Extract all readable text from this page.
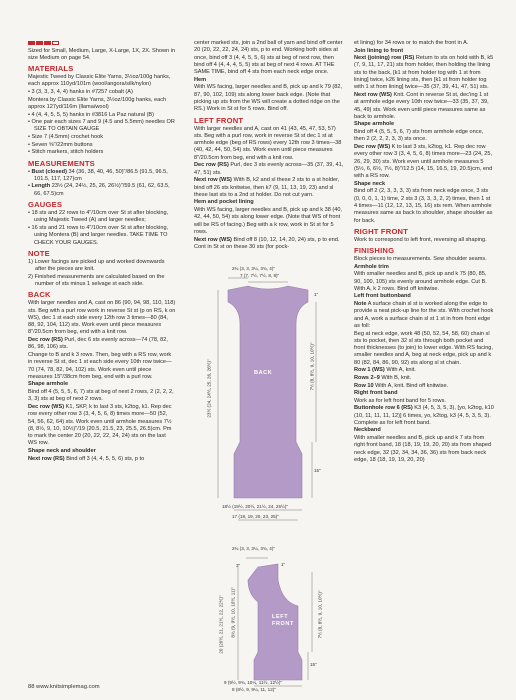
Sized for Small, Medium, Large, X-Large, 1X, 2X. Shown in size Medium on page 54.

MATERIALS

Majestic Tweed by Classic Elite Yarns, 3½oz/100g hanks, each approx 110yd/101m (wool/angora/silk/nylon)

• 3 (3, 3, 3, 4, 4) hanks in #7257 cobalt (A)

Montera by Classic Elite Yarns, 3½oz/100g hanks, each approx 127yd/116m (llama/wool)

• 4 (4, 4, 5, 5, 5) hanks in #3816 La Paz natural (B)

• One pair each sizes 7 and 9 (4.5 and 5.5mm) needles OR SIZE TO OBTAIN GAUGE

• Size 7 (4.5mm) crochet hook

• Seven ⅝"/22mm buttons

• Stitch markers, stitch holders

MEASUREMENTS

• Bust (closed) 34 (36, 38, 40, 46, 50)"/86.5 (91.5, 96.5, 101.5, 117, 127)cm

• Length 23½ (24, 24½, 25, 26, 26½)"/59.5 (61, 62, 63.5, 66, 67.5)cm

GAUGES

• 18 sts and 22 rows to 4"/10cm over St st after blocking, using Majestic Tweed (A) and larger needles;

• 16 sts and 21 rows to 4"/10cm over St st after blocking, using Montera (B) and larger needles. TAKE TIME TO CHECK YOUR GAUGES.

NOTE

1) Lower facings are picked up and worked downwards after the pieces are knit.

2) Finished measurements are calculated based on the number of sts minus 1 selvage st each side.

BACK

With larger needles and A, cast on 86 (90, 94, 98, 110, 118) sts. Beg with a purl row work in reverse St st (p on RS, k on WS), dec 1 st each side every 12th row 3 times—80 (84, 88, 92, 104, 112) sts. Work even until piece measures 8"/20.5cm from beg, end with a knit row.

Dec row (RS) Purl, dec 6 sts evenly across—74 (78, 82, 86, 98, 106) sts.

Change to B and k 3 rows. Then, beg with a RS row, work in reverse St st, dec 1 st each side every 10th row twice—70 (74, 78, 82, 94, 102) sts. Work even until piece measures 15"/38cm from beg, end with a purl row.

Shape armhole

Bind off 4 (5, 5, 5, 6, 7) sts at beg of next 2 rows, 2 (2, 2, 2, 3, 3) sts at beg of next 2 rows.

Dec row (WS) K1, SKP, k to last 3 sts, k2tog, k1. Rep dec row every other row 3 (3, 4, 5, 6, 8) times more—50 (52, 54, 56, 62, 64) sts. Work even until armhole measures 7½ (8, 8½, 9, 10, 10½)"/19 (20.5, 21.5, 23, 25.5, 26.5)cm. Pm to mark the center 20 (20, 22, 22, 24, 24) sts on the last WS row.

Shape neck and shoulder

Next row (RS) Bind off 3 (4, 4, 5, 5, 6) sts, p to

center marked sts, join a 2nd ball of yarn and bind off center 20 (20, 22, 22, 24, 24) sts, p to end. Working both sides at once, bind off 3 (4, 4, 5, 5, 6) sts at beg of next row, then bind off 4 (4, 4, 4, 5, 5) sts at beg of next 4 rows. AT THE SAME TIME, bind off 4 sts from each neck edge once.

Hem

With WS facing, larger needles and B, pick up and k 79 (82, 87, 90, 102, 109) sts along lower back edge. (Note that picking up sts from the WS will create a dotted ridge on the RS.) Work in St st for 5 rows. Bind off.

LEFT FRONT

With larger needles and A, cast on 41 (43, 45, 47, 53, 57) sts. Beg with a purl row, work in reverse St st dec 1 st at armhole edge (beg of RS rows) every 12th row 3 times—38 (40, 42, 44, 50, 54) sts. Work even until piece measures 8"/20.5cm from beg, end with a knit row.

Dec row (RS) Purl, dec 3 sts evenly across—35 (37, 39, 41, 47, 51) sts.

Next row (WS) With B, k2 and sl these 2 sts to a st holder, bind off 26 sts knitwise, then k7 (9, 11, 13, 19, 23) and sl these last sts to a 2nd st holder. Do not cut yarn.

Hem and pocket lining

With WS facing, larger needles and B, pick up and k 38 (40, 42, 44, 50, 54) sts along lower edge. (Note that WS of front will be RS of facing.) Beg with a k row, work in St st for 5 rows.

Next row (WS) Bind off 8 (10, 12, 14, 20, 24) sts, p to end. Cont in St st on these 30 sts (for pock-

BACK
2¾ (3, 3, 3¼, 3¾, 4)"
7 (7, 7½, 7½, 8, 8)"
1"
7½ (8, 8½, 9, 10, 10½)"
23½ (24, 24½, 25, 26, 26½)"
15"
18½ (19½, 20½, 21½, 24, 25½)"
17 (18, 19, 20, 23, 25)"
LEFT FRONT
2¾ (3, 3, 3¼, 3¾, 4)"
3"	1"
7½ (8, 8½, 9, 10, 10½)"
20 (20½, 21, 21½, 22, 22½)" 8¾ (9, 9½, 10, 10½, 11)"
15"
9 (9½, 9¾, 10¼, 11½, 12½)"
8 (8½, 9, 9¼, 11, 12)"

et lining) for 34 rows or to match the front in A.

Join lining to front

Next (joining) row (RS) Return to sts on hold with B, k5 (7, 9, 11, 17, 21) sts from holder, then holding the lining sts to the back, [k1 st from holder tog with 1 st from lining] twice, k26 lining sts, then [k1 st from holder tog with 1 st from lining] twice—35 (37, 39, 41, 47, 51) sts.

Next row (WS) Knit. Cont in reverse St st, dec'ing 1 st at armhole edge every 10th row twice—33 (35, 37, 39, 45, 49) sts. Work even until piece measures same as back to armhole.

Shape armhole

Bind off 4 (5, 5, 5, 6, 7) sts from armhole edge once, then 2 (2, 2, 2, 3, 3) sts once.

Dec row (WS) K to last 3 sts, k2tog, k1. Rep dec row every other row 3 (3, 4, 5, 6, 8) times more—23 (24, 25, 26, 29, 30) sts. Work even until armhole measures 5 (5½, 6, 6½, 7½, 8)"/12.5 (14, 15, 16.5, 19, 20.5)cm, end with a RS row.

Shape neck

Bind off 2 (2, 3, 3, 3, 3) sts from neck edge once, 3 sts (0, 0, 0, 1, 1) time, 2 sts 3 (3, 3, 3, 2, 2) times, then 1 st 4 times—11 (12, 12, 13, 15, 16) sts rem. When armhole measures same as back to shoulder, shape shoulder as for back.

RIGHT FRONT

Work to correspond to left front, reversing all shaping.

FINISHING

Block pieces to measurements. Sew shoulder seams.

Armhole trim

With smaller needles and B, pick up and k 75 (80, 85, 90, 100, 105) sts evenly around armhole edge. Cut B. With A, k 2 rows. Bind off knitwise.

Left front buttonband

Note A surface chain sl st is worked along the edge to provide a neat pick-up line for the sts. With crochet hook and A, work a surface chain sl st 1 st in from front edge as foll:

Beg at neck edge, work 48 (50, 52, 54, 58, 60) chain sl sts to pocket, then 32 sl sts through both pocket and front thicknesses (to join) to lower edge. With RS facing, smaller needles and A, beg at neck edge, pick up and k 80 (82, 84, 86, 90, 92) sts along sl st chain.

Row 1 (WS) With A, knit.

Rows 2–9 With B, knit.

Row 10 With A, knit. Bind off knitwise.

Right front band

Work as for left front band for 5 rows.

Buttonhole row 6 (RS) K3 (4, 5, 3, 5, 3), [yo, k2tog, k10 (10, 11, 11, 11, 12)] 6 times, yo, k2tog, k3 (4, 5, 3, 5, 3). Complete as for left front band.

Neckband

With smaller needles and B, pick up and k 7 sts from right front band, 18 (18, 19, 19, 20, 20) sts from shaped neck edge, 32 (32, 34, 34, 36, 36) sts from back neck edge, 18 (18, 19, 19, 20, 20)

88 www.knitsimplemag.com
